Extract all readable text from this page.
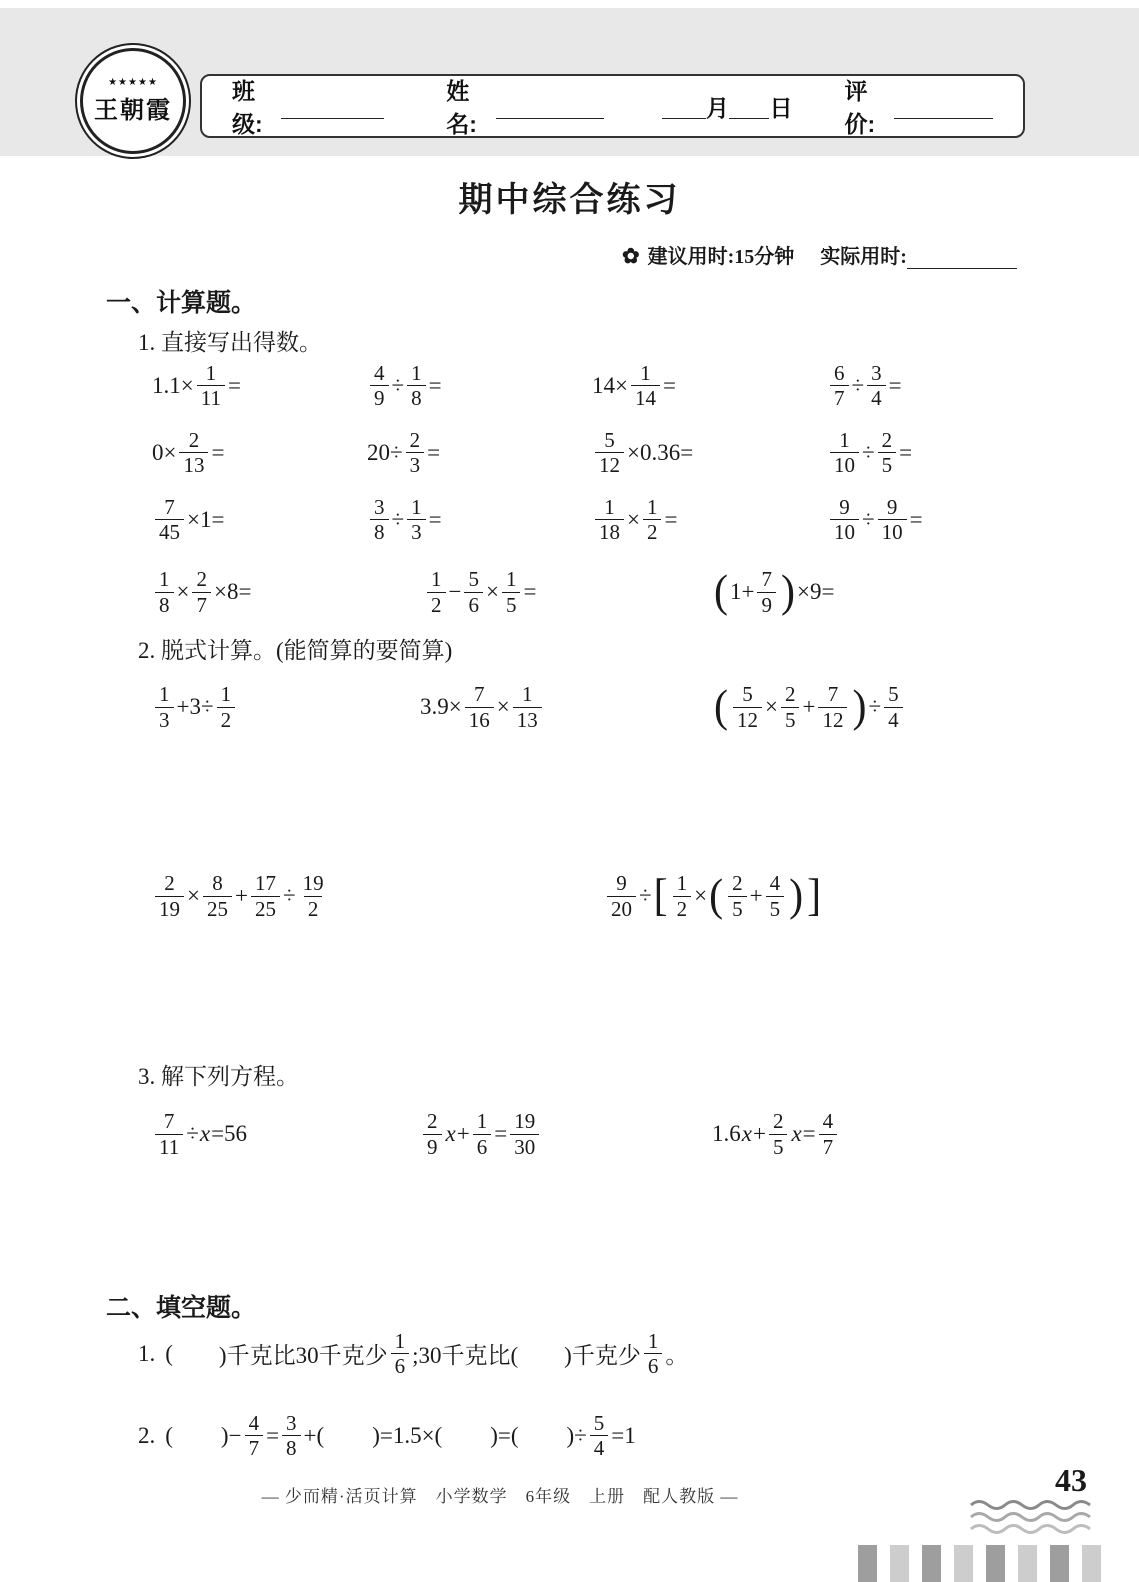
★★★★★
王朝霞
班级:
姓名:
月 日
评价:
期中综合练习
✿ 建议用时:15分钟 实际用时:
一、计算题。
1. 直接写出得数。
$1.1\times \frac{1}{11}$ =	$\frac{4}{9} \div \frac{1}{8}$ =	$14\times \frac{1}{14}$ =	$\frac{6}{7} \div \frac{3}{4}$ =
$0\times \frac{2}{13}$ =	$20\div \frac{2}{3}$ =	$\frac{5}{12} \times 0.36=$	$\frac{1}{10} \div \frac{2}{5}$ =
$\frac{7}{45} \times 1=$	$\frac{3}{8} \div \frac{1}{3}$ =	$\frac{1}{18} \times \frac{1}{2}$ =	$\frac{9}{10} \div \frac{9}{10}$ =
$\frac{1}{8} \times \frac{2}{7} \times 8=$	$\frac{1}{2} - \frac{5}{6} \times \frac{1}{5}$ =	( $1+ \frac{7}{9}$ ) ×9=
2. 脱式计算。(能简算的要简算)
$\frac{1}{3} +3\div \frac{1}{2}$	$3.9\times \frac{7}{16} \times \frac{1}{13}$	( $\frac{5}{12} \times \frac{2}{5} + \frac{7}{12}$ ) ÷ $\frac{5}{4}$
$\frac{2}{19} \times \frac{8}{25} + \frac{17}{25} \div \frac{19}{2}$	$\frac{9}{20}$ ÷ [ $\frac{1}{2}$ × ( $\frac{2}{5} + \frac{4}{5}$ ) ]
3. 解下列方程。
$\frac{7}{11} \div x =56$	$\frac{2}{9}$ $x + \frac{1}{6} = \frac{19}{30}$	1.6 $x + \frac{2}{5}$ $x = \frac{4}{7}$
二、填空题。
1. ( )千克比30千克少 $\frac{1}{6}$ ;30千克比( )千克少 $\frac{1}{6}$ 。
2. ( )− $\frac{4}{7} = \frac{3}{8}$ +( )=1.5×( )=( )÷ $\frac{5}{4} =1$
— 少而精·活页计算　小学数学　6年级　上册　配人教版 —	43
